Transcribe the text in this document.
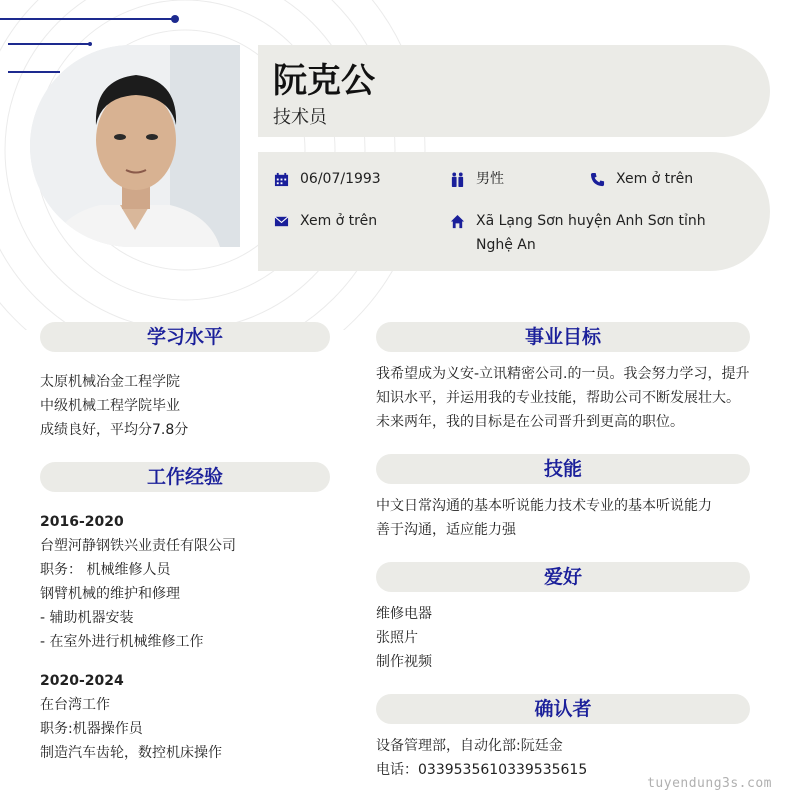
阮克公
技术员
06/07/1993	男性	Xem ở trên
Xem ở trên	Xã Lạng Sơn huyện Anh Sơn tỉnh
Nghệ An
学习水平
太原机械冶金工程学院
中级机械工程学院毕业
成绩良好，平均分7.8分
工作经验
2016-2020
台塑河静钢铁兴业责任有限公司
职务： 机械维修人员
钢臂机械的维护和修理
- 辅助机器安装
- 在室外进行机械维修工作
2020-2024
在台湾工作
职务:机器操作员
制造汽车齿轮，数控机床操作
事业目标
我希望成为义安-立讯精密公司.的一员。我会努力学习，提升
知识水平，并运用我的专业技能，帮助公司不断发展壮大。
未来两年，我的目标是在公司晋升到更高的职位。
技能
中文日常沟通的基本听说能力技术专业的基本听说能力
善于沟通，适应能力强
爱好
维修电器
张照片
制作视频
确认者
设备管理部，自动化部:阮廷金
电话：0339535610339535615
tuyendung3s.com
